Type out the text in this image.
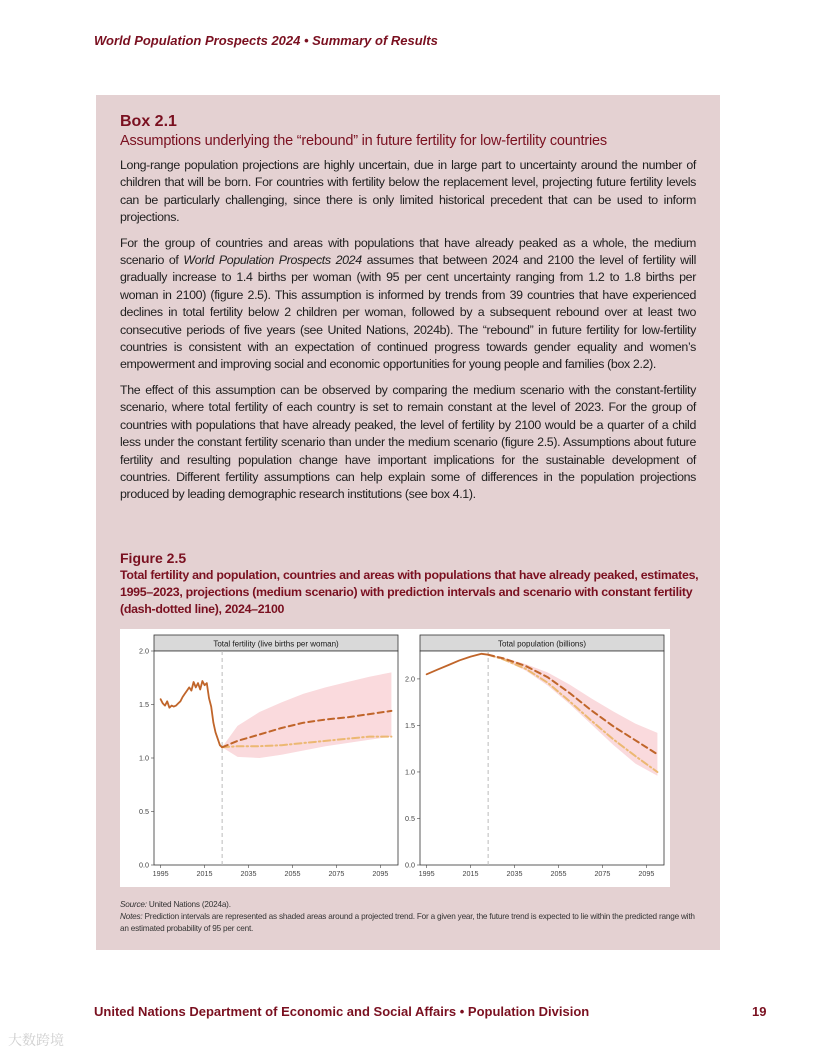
World Population Prospects 2024 • Summary of Results
Box 2.1
Assumptions underlying the “rebound” in future fertility for low-fertility countries

Long-range population projections are highly uncertain, due in large part to uncertainty around the number of children that will be born. For countries with fertility below the replacement level, projecting future fertility levels can be particularly challenging, since there is only limited historical precedent that can be used to inform projections.

For the group of countries and areas with populations that have already peaked as a whole, the medium scenario of World Population Prospects 2024 assumes that between 2024 and 2100 the level of fertility will gradually increase to 1.4 births per woman (with 95 per cent uncertainty ranging from 1.2 to 1.8 births per woman in 2100) (figure 2.5). This assumption is informed by trends from 39 countries that have experienced declines in total fertility below 2 children per woman, followed by a subsequent rebound over at least two consecutive periods of five years (see United Nations, 2024b). The “rebound” in future fertility for low-fertility countries is consistent with an expectation of continued progress towards gender equality and women’s empowerment and improving social and economic opportunities for young people and families (box 2.2).

The effect of this assumption can be observed by comparing the medium scenario with the constant-fertility scenario, where total fertility of each country is set to remain constant at the level of 2023. For the group of countries with populations that have already peaked, the level of fertility by 2100 would be a quarter of a child less under the constant fertility scenario than under the medium scenario (figure 2.5). Assumptions about future fertility and resulting population change have important implications for the sustainable development of countries. Different fertility assumptions can help explain some of differences in the population projections produced by leading demographic research institutions (see box 4.1).

Figure 2.5
Total fertility and population, countries and areas with populations that have already peaked, estimates, 1995–2023, projections (medium scenario) with prediction intervals and scenario with constant fertility (dash-dotted line), 2024–2100
Total fertility (live births per woman)
0.0
0.5
1.0
1.5
2.0
1995	2015	2035	2055	2075	2095
Total population (billions)
0.0
0.5
1.0
1.5
2.0
1995	2015	2035	2055	2075	2095
Source: United Nations (2024a).
Notes: Prediction intervals are represented as shaded areas around a projected trend. For a given year, the future trend is expected to lie within the predicted range with an estimated probability of 95 per cent.
United Nations Department of Economic and Social Affairs • Population Division	19
大数跨境
